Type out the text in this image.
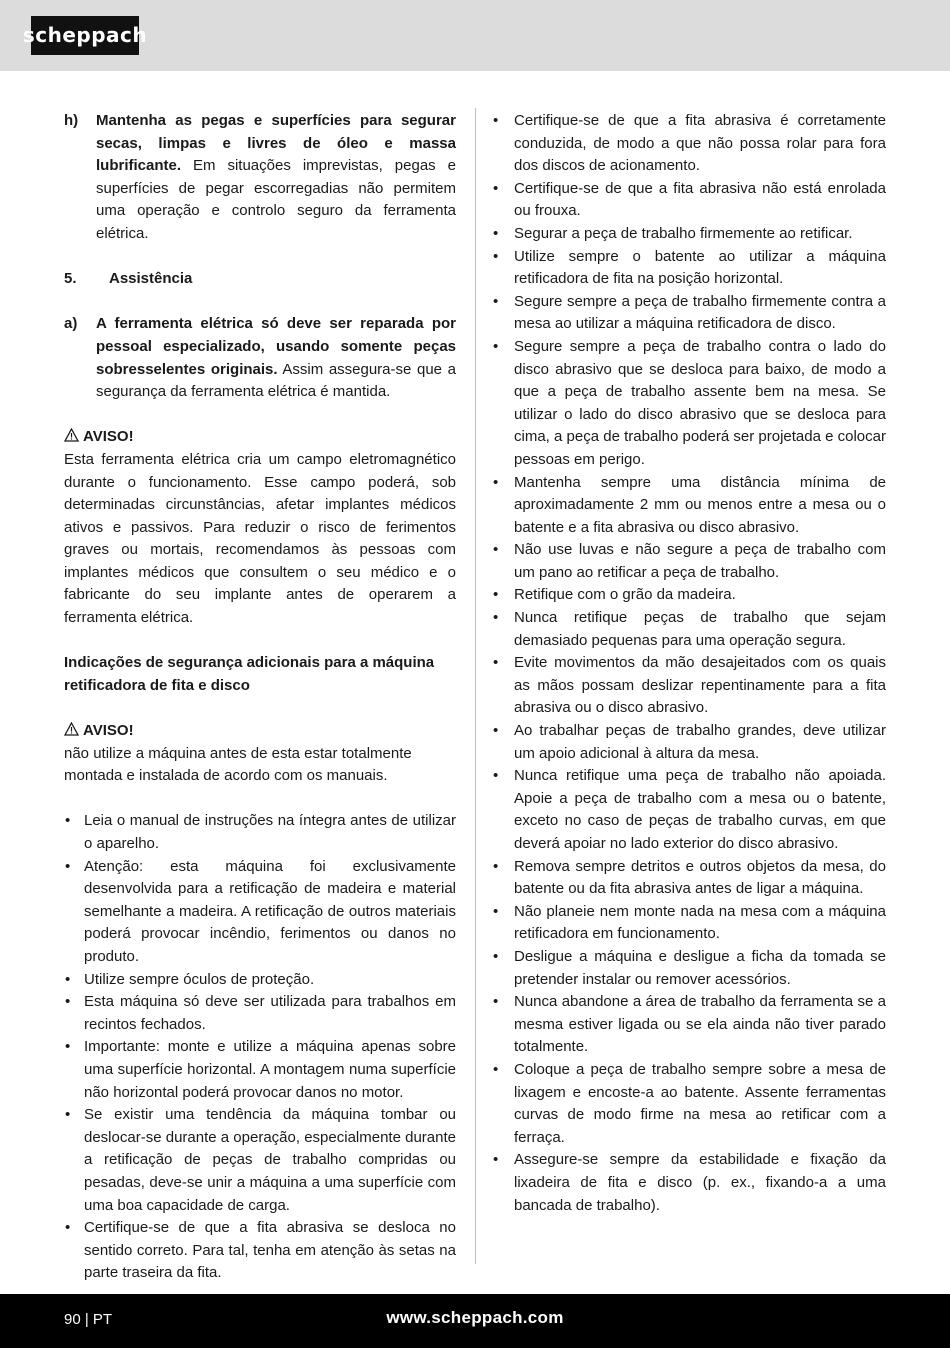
scheppach
h)	Mantenha as pegas e superfícies para segurar secas, limpas e livres de óleo e massa lubrificante. Em situações imprevistas, pegas e superfícies de pegar escorregadias não permitem uma operação e controlo seguro da ferramenta elétrica.
5.	Assistência
a)	A ferramenta elétrica só deve ser reparada por pessoal especializado, usando somente peças sobresselentes originais. Assim assegura-se que a segurança da ferramenta elétrica é mantida.
AVISO!

Esta ferramenta elétrica cria um campo eletromagnético durante o funcionamento. Esse campo poderá, sob determinadas circunstâncias, afetar implantes médicos ativos e passivos. Para reduzir o risco de ferimentos graves ou mortais, recomendamos às pessoas com implantes médicos que consultem o seu médico e o fabricante do seu implante antes de operarem a ferramenta elétrica.

Indicações de segurança adicionais para a máquina retificadora de fita e disco

AVISO!

não utilize a máquina antes de esta estar totalmente montada e instalada de acordo com os manuais.

• Leia o manual de instruções na íntegra antes de utilizar o aparelho.
• Atenção: esta máquina foi exclusivamente desenvolvida para a retificação de madeira e material semelhante a madeira. A retificação de outros materiais poderá provocar incêndio, ferimentos ou danos no produto.
• Utilize sempre óculos de proteção.
• Esta máquina só deve ser utilizada para trabalhos em recintos fechados.
• Importante: monte e utilize a máquina apenas sobre uma superfície horizontal. A montagem numa superfície não horizontal poderá provocar danos no motor.
• Se existir uma tendência da máquina tombar ou deslocar-se durante a operação, especialmente durante a retificação de peças de trabalho compridas ou pesadas, deve-se unir a máquina a uma superfície com uma boa capacidade de carga.
• Certifique-se de que a fita abrasiva se desloca no sentido correto. Para tal, tenha em atenção às setas na parte traseira da fita.
•	Certifique-se de que a fita abrasiva é corretamente conduzida, de modo a que não possa rolar para fora dos discos de acionamento.
•	Certifique-se de que a fita abrasiva não está enrolada ou frouxa.
•	Segurar a peça de trabalho firmemente ao retificar.
•	Utilize sempre o batente ao utilizar a máquina retificadora de fita na posição horizontal.
•	Segure sempre a peça de trabalho firmemente contra a mesa ao utilizar a máquina retificadora de disco.
•	Segure sempre a peça de trabalho contra o lado do disco abrasivo que se desloca para baixo, de modo a que a peça de trabalho assente bem na mesa. Se utilizar o lado do disco abrasivo que se desloca para cima, a peça de trabalho poderá ser projetada e colocar pessoas em perigo.
•	Mantenha sempre uma distância mínima de aproximadamente 2 mm ou menos entre a mesa ou o batente e a fita abrasiva ou disco abrasivo.
•	Não use luvas e não segure a peça de trabalho com um pano ao retificar a peça de trabalho.
•	Retifique com o grão da madeira.
•	Nunca retifique peças de trabalho que sejam demasiado pequenas para uma operação segura.
•	Evite movimentos da mão desajeitados com os quais as mãos possam deslizar repentinamente para a fita abrasiva ou o disco abrasivo.
•	Ao trabalhar peças de trabalho grandes, deve utilizar um apoio adicional à altura da mesa.
•	Nunca retifique uma peça de trabalho não apoiada. Apoie a peça de trabalho com a mesa ou o batente, exceto no caso de peças de trabalho curvas, em que deverá apoiar no lado exterior do disco abrasivo.
•	Remova sempre detritos e outros objetos da mesa, do batente ou da fita abrasiva antes de ligar a máquina.
•	Não planeie nem monte nada na mesa com a máquina retificadora em funcionamento.
•	Desligue a máquina e desligue a ficha da tomada se pretender instalar ou remover acessórios.
•	Nunca abandone a área de trabalho da ferramenta se a mesma estiver ligada ou se ela ainda não tiver parado totalmente.
•	Coloque a peça de trabalho sempre sobre a mesa de lixagem e encoste-a ao batente. Assente ferramentas curvas de modo firme na mesa ao retificar com a ferraça.
•	Assegure-se sempre da estabilidade e fixação da lixadeira de fita e disco (p. ex., fixando-a a uma bancada de trabalho).
90 | PT	www.scheppach.com
